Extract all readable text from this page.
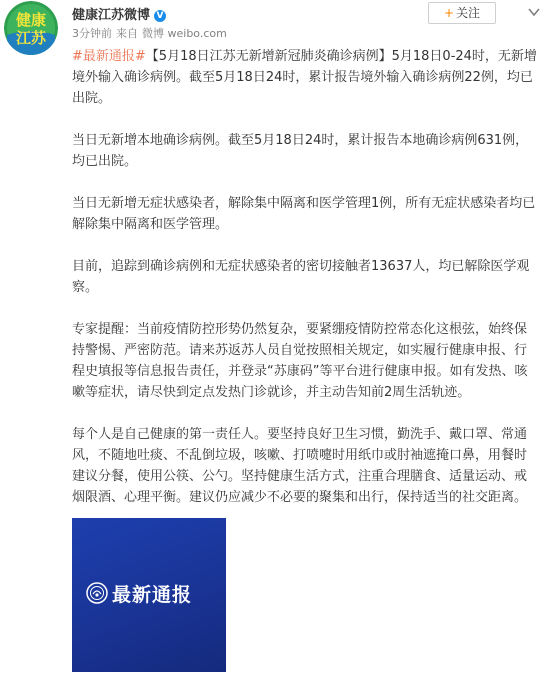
健康
江苏
健康江苏微博 V
3分钟前 来自 微博 weibo.com
+ 关注

#最新通报#【5月18日江苏无新增新冠肺炎确诊病例】5月18日0-24时，无新增境外输入确诊病例。截至5月18日24时，累计报告境外输入确诊病例22例，均已出院。

当日无新增本地确诊病例。截至5月18日24时，累计报告本地确诊病例631例，均已出院。

当日无新增无症状感染者，解除集中隔离和医学管理1例，所有无症状感染者均已解除集中隔离和医学管理。

目前，追踪到确诊病例和无症状感染者的密切接触者13637人，均已解除医学观察。

专家提醒：当前疫情防控形势仍然复杂，要紧绷疫情防控常态化这根弦，始终保持警惕、严密防范。请来苏返苏人员自觉按照相关规定，如实履行健康申报、行程史填报等信息报告责任，并登录“苏康码”等平台进行健康申报。如有发热、咳嗽等症状，请尽快到定点发热门诊就诊，并主动告知前2周生活轨迹。

每个人是自己健康的第一责任人。要坚持良好卫生习惯，勤洗手、戴口罩、常通风，不随地吐痰、不乱倒垃圾，咳嗽、打喷嚏时用纸巾或肘袖遮掩口鼻，用餐时建议分餐，使用公筷、公勺。坚持健康生活方式，注重合理膳食、适量运动、戒烟限酒、心理平衡。建议仍应减少不必要的聚集和出行，保持适当的社交距离。

最新通报
